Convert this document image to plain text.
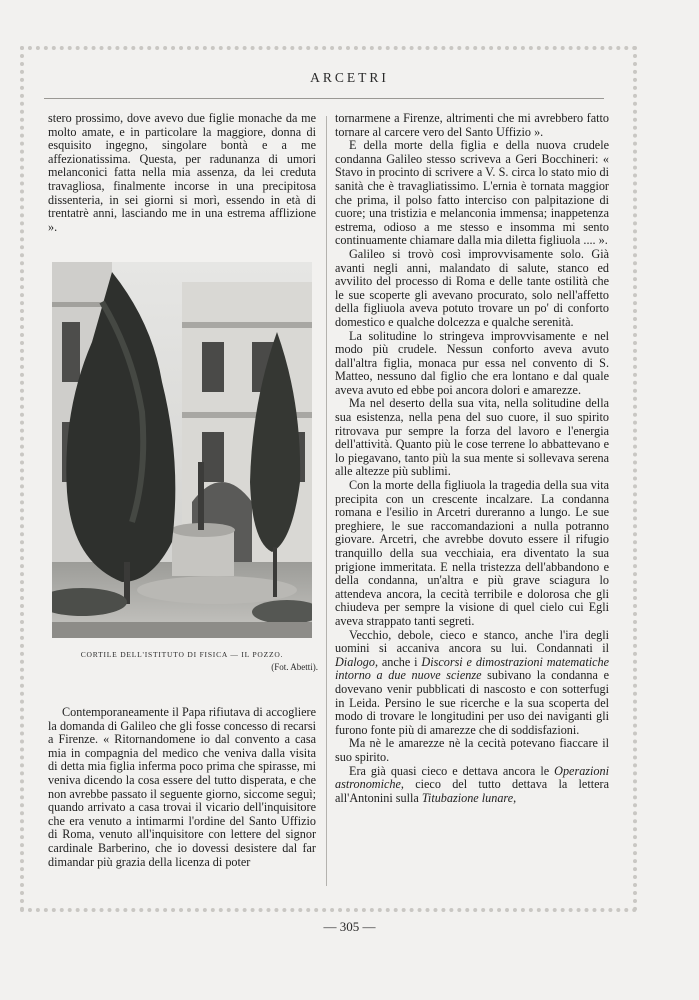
ARCETRI

stero prossimo, dove avevo due figlie monache da me molto amate, e in particolare la maggiore, donna di esquisito ingegno, singolare bontà e a me affezionatissima. Questa, per radunanza di umori melanconici fatta nella mia assenza, da lei creduta travagliosa, finalmente incorse in una precipitosa dissenteria, in sei giorni si morì, essendo in età di trentatrè anni, lasciando me in una estrema afflizione ».

CORTILE DELL'ISTITUTO DI FISICA — IL POZZO.
(Fot. Abetti).

Contemporaneamente il Papa rifiutava di accogliere la domanda di Galileo che gli fosse concesso di recarsi a Firenze. « Ritornandomene io dal convento a casa mia in compagnia del medico che veniva dalla visita di detta mia figlia inferma poco prima che spirasse, mi veniva dicendo la cosa essere del tutto disperata, e che non avrebbe passato il seguente giorno, siccome seguì; quando arrivato a casa trovai il vicario dell'inquisitore che era venuto a intimarmi l'ordine del Santo Uffizio di Roma, venuto all'inquisitore con lettere del signor cardinale Barberino, che io dovessi desistere dal far dimandar più grazia della licenza di poter

tornarmene a Firenze, altrimenti che mi avrebbero fatto tornare al carcere vero del Santo Uffizio ».

E della morte della figlia e della nuova crudele condanna Galileo stesso scriveva a Geri Bocchineri: « Stavo in procinto di scrivere a V. S. circa lo stato mio di sanità che è travagliatissimo. L'ernia è tornata maggior che prima, il polso fatto interciso con palpitazione di cuore; una tristizia e melanconia immensa; inappetenza estrema, odioso a me stesso e insomma mi sento continuamente chiamare dalla mia diletta figliuola .... ».

Galileo si trovò così improvvisamente solo. Già avanti negli anni, malandato di salute, stanco ed avvilito del processo di Roma e delle tante ostilità che le sue scoperte gli avevano procurato, solo nell'affetto della figliuola aveva potuto trovare un po' di conforto domestico e qualche dolcezza e qualche serenità.

La solitudine lo stringeva improvvisamente e nel modo più crudele. Nessun conforto aveva avuto dall'altra figlia, monaca pur essa nel convento di S. Matteo, nessuno dal figlio che era lontano e dal quale aveva avuto ed ebbe poi ancora dolori e amarezze.

Ma nel deserto della sua vita, nella solitudine della sua esistenza, nella pena del suo cuore, il suo spirito ritrovava pur sempre la forza del lavoro e l'energia dell'attività. Quanto più le cose terrene lo abbattevano e lo piegavano, tanto più la sua mente si sollevava serena alle altezze più sublimi.

Con la morte della figliuola la tragedia della sua vita precipita con un crescente incalzare. La condanna romana e l'esilio in Arcetri dureranno a lungo. Le sue preghiere, le sue raccomandazioni a nulla potranno giovare. Arcetri, che avrebbe dovuto essere il rifugio tranquillo della sua vecchiaia, era diventato la sua prigione immeritata. E nella tristezza dell'abbandono e della condanna, un'altra e più grave sciagura lo attendeva ancora, la cecità terribile e dolorosa che gli chiudeva per sempre la visione di quel cielo cui Egli aveva strappato tanti segreti.

Vecchio, debole, cieco e stanco, anche l'ira degli uomini si accaniva ancora su lui. Condannati il Dialogo, anche i Discorsi e dimostrazioni matematiche intorno a due nuove scienze subivano la condanna e dovevano venir pubblicati di nascosto e con sotterfugi in Leida. Persino le sue ricerche e la sua scoperta del modo di trovare le longitudini per uso dei naviganti gli furono fonte più di amarezze che di soddisfazioni.

Ma nè le amarezze nè la cecità potevano fiaccare il suo spirito.

Era già quasi cieco e dettava ancora le Operazioni astronomiche, cieco del tutto dettava la lettera all'Antonini sulla Titubazione lunare,

— 305 —
